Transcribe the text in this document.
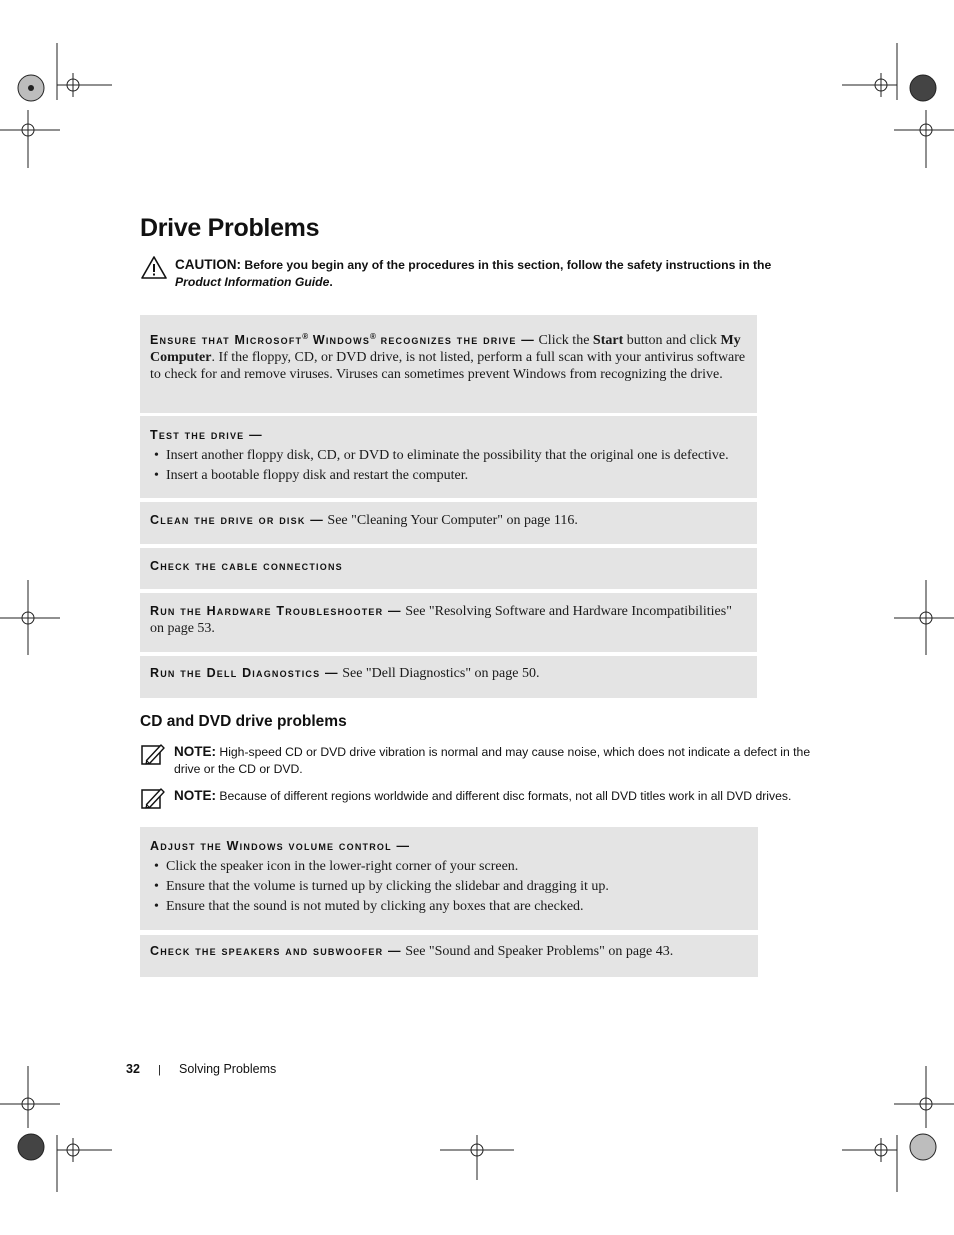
Drive Problems
CAUTION: Before you begin any of the procedures in this section, follow the safety instructions in the Product Information Guide.
Ensure that Microsoft® Windows® recognizes the drive — Click the Start button and click My Computer. If the floppy, CD, or DVD drive, is not listed, perform a full scan with your antivirus software to check for and remove viruses. Viruses can sometimes prevent Windows from recognizing the drive.
Test the drive —
• Insert another floppy disk, CD, or DVD to eliminate the possibility that the original one is defective.
• Insert a bootable floppy disk and restart the computer.
Clean the drive or disk — See "Cleaning Your Computer" on page 116.
Check the cable connections
Run the Hardware Troubleshooter — See "Resolving Software and Hardware Incompatibilities" on page 53.
Run the Dell Diagnostics — See "Dell Diagnostics" on page 50.
CD and DVD drive problems
NOTE: High-speed CD or DVD drive vibration is normal and may cause noise, which does not indicate a defect in the drive or the CD or DVD.
NOTE: Because of different regions worldwide and different disc formats, not all DVD titles work in all DVD drives.
Adjust the Windows volume control —
• Click the speaker icon in the lower-right corner of your screen.
• Ensure that the volume is turned up by clicking the slidebar and dragging it up.
• Ensure that the sound is not muted by clicking any boxes that are checked.
Check the speakers and subwoofer — See "Sound and Speaker Problems" on page 43.
32 | Solving Problems
